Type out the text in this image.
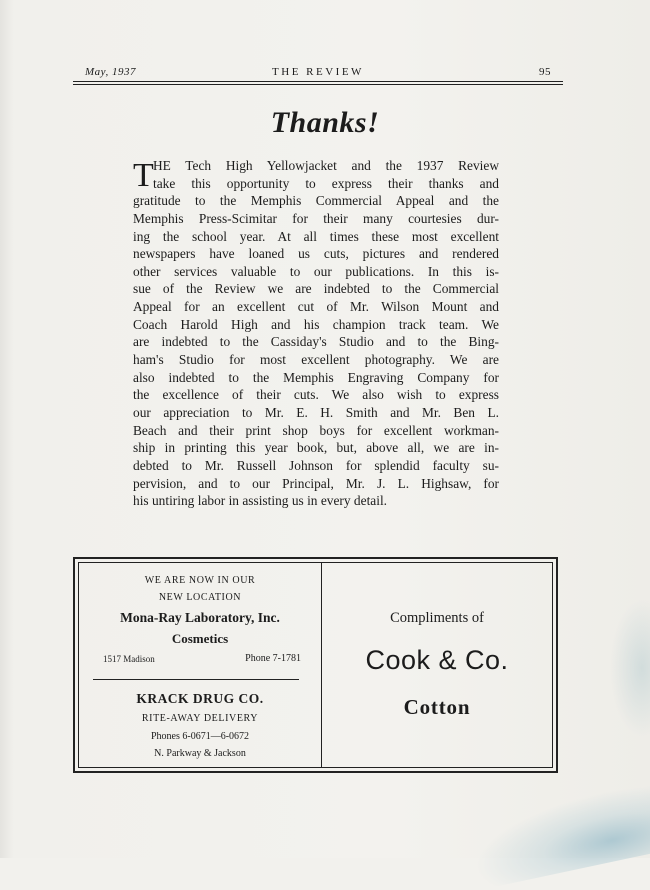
May, 1937	THE REVIEW	95
Thanks!
T HE Tech High Yellowjacket and the 1937 Review
take this opportunity to express their thanks and
gratitude to the Memphis Commercial Appeal and the
Memphis Press-Scimitar for their many courtesies dur-
ing the school year. At all times these most excellent
newspapers have loaned us cuts, pictures and rendered
other services valuable to our publications. In this is-
sue of the Review we are indebted to the Commercial
Appeal for an excellent cut of Mr. Wilson Mount and
Coach Harold High and his champion track team. We
are indebted to the Cassiday's Studio and to the Bing-
ham's Studio for most excellent photography. We are
also indebted to the Memphis Engraving Company for
the excellence of their cuts. We also wish to express
our appreciation to Mr. E. H. Smith and Mr. Ben L.
Beach and their print shop boys for excellent workman-
ship in printing this year book, but, above all, we are in-
debted to Mr. Russell Johnson for splendid faculty su-
pervision, and to our Principal, Mr. J. L. Highsaw, for
his untiring labor in assisting us in every detail.
WE ARE NOW IN OUR
NEW LOCATION
Mona-Ray Laboratory, Inc.
Cosmetics
1517 Madison	Phone 7-1781
KRACK DRUG CO.
RITE-AWAY DELIVERY
Phones 6-0671—6-0672
N. Parkway & Jackson
Compliments of
Cook & Co.
Cotton
